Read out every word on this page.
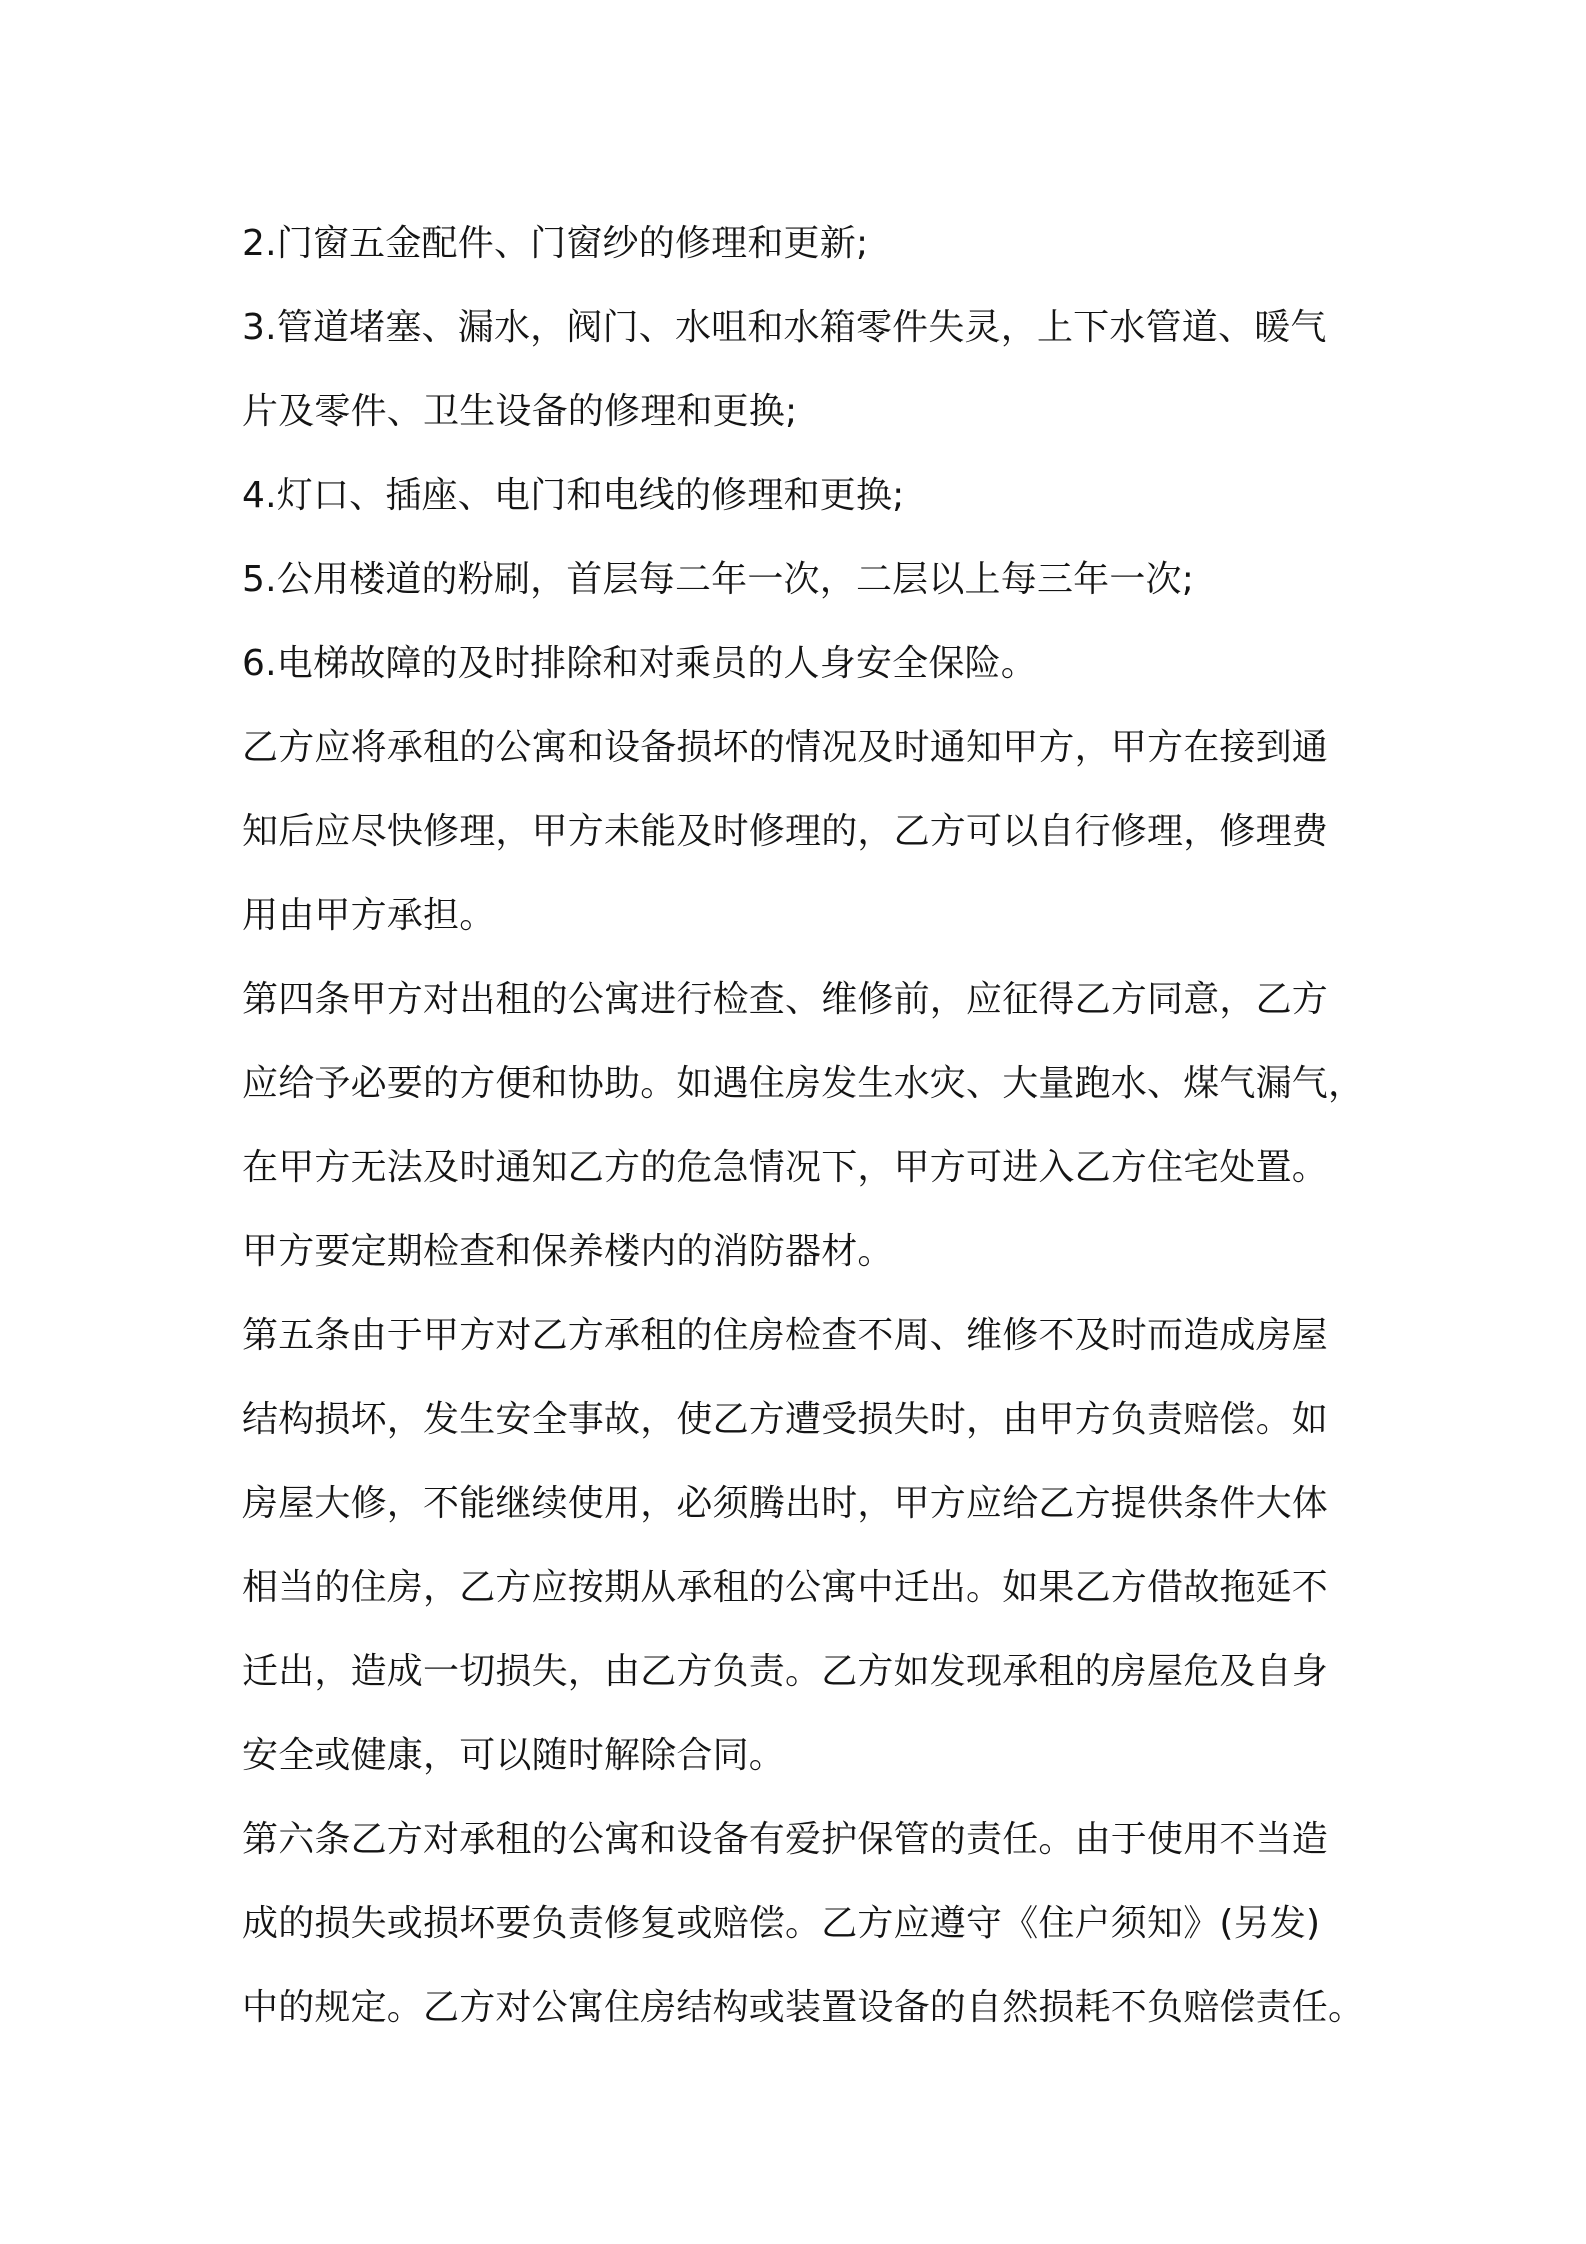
2.门窗五金配件、门窗纱的修理和更新;
3.管道堵塞、漏水，阀门、水咀和水箱零件失灵，上下水管道、暖气
片及零件、卫生设备的修理和更换;
4.灯口、插座、电门和电线的修理和更换;
5.公用楼道的粉刷，首层每二年一次，二层以上每三年一次;
6.电梯故障的及时排除和对乘员的人身安全保险。
乙方应将承租的公寓和设备损坏的情况及时通知甲方，甲方在接到通
知后应尽快修理，甲方未能及时修理的，乙方可以自行修理，修理费
用由甲方承担。
第四条甲方对出租的公寓进行检查、维修前，应征得乙方同意，乙方
应给予必要的方便和协助。如遇住房发生水灾、大量跑水、煤气漏气，
在甲方无法及时通知乙方的危急情况下，甲方可进入乙方住宅处置。
甲方要定期检查和保养楼内的消防器材。
第五条由于甲方对乙方承租的住房检查不周、维修不及时而造成房屋
结构损坏，发生安全事故，使乙方遭受损失时，由甲方负责赔偿。如
房屋大修，不能继续使用，必须腾出时，甲方应给乙方提供条件大体
相当的住房，乙方应按期从承租的公寓中迁出。如果乙方借故拖延不
迁出，造成一切损失，由乙方负责。乙方如发现承租的房屋危及自身
安全或健康，可以随时解除合同。
第六条乙方对承租的公寓和设备有爱护保管的责任。由于使用不当造
成的损失或损坏要负责修复或赔偿。乙方应遵守《住户须知》(另发)
中的规定。乙方对公寓住房结构或装置设备的自然损耗不负赔偿责任。
